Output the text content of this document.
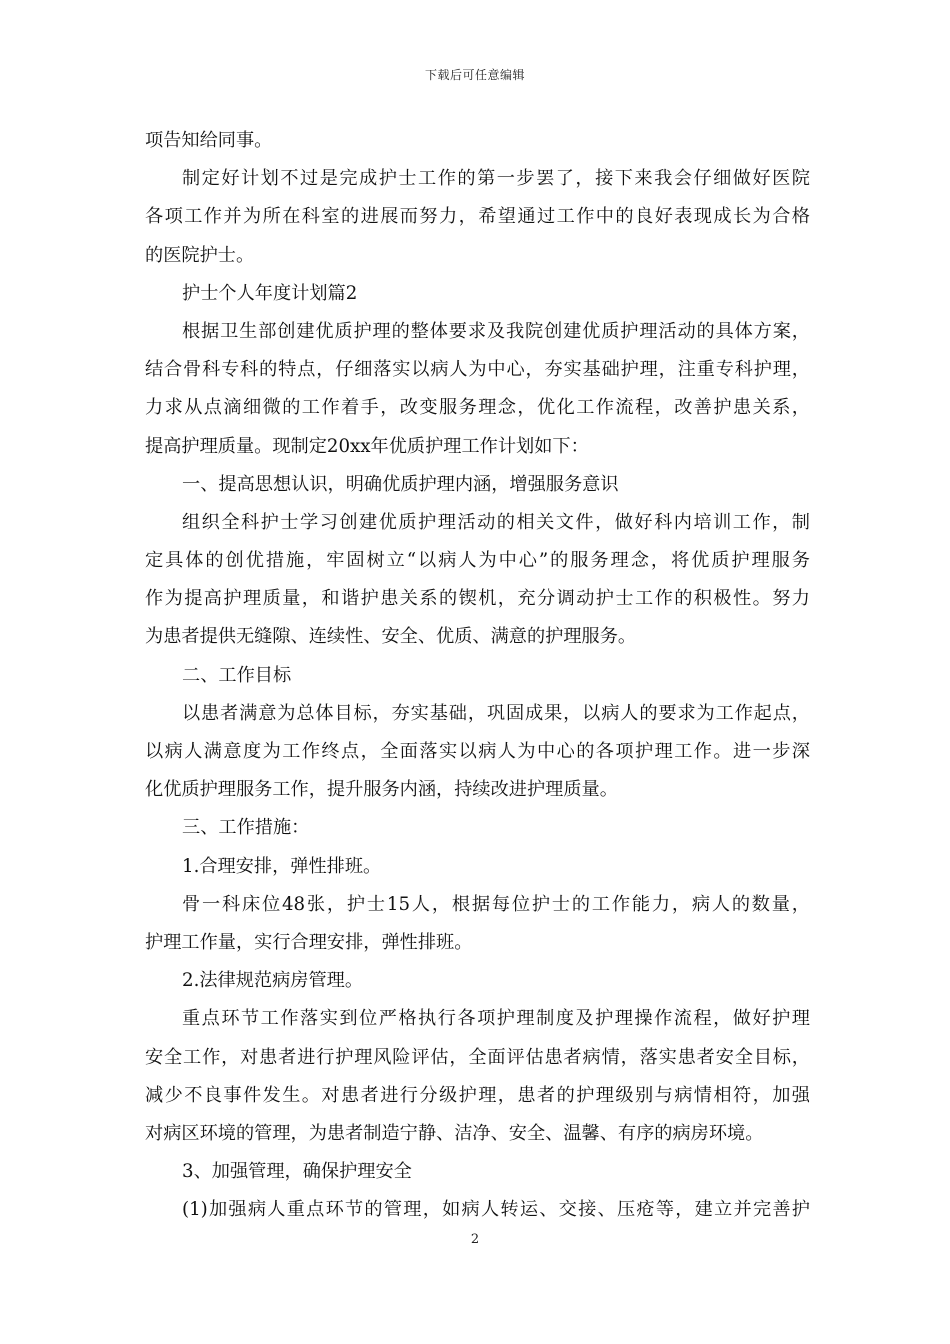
下载后可任意编辑
项告知给同事。
制定好计划不过是完成护士工作的第一步罢了，接下来我会仔细做好医院
各项工作并为所在科室的进展而努力，希望通过工作中的良好表现成长为合格
的医院护士。
护士个人年度计划篇2
根据卫生部创建优质护理的整体要求及我院创建优质护理活动的具体方案，
结合骨科专科的特点，仔细落实以病人为中心，夯实基础护理，注重专科护理，
力求从点滴细微的工作着手，改变服务理念，优化工作流程，改善护患关系，
提高护理质量。现制定20xx年优质护理工作计划如下：
一、提高思想认识，明确优质护理内涵，增强服务意识
组织全科护士学习创建优质护理活动的相关文件，做好科内培训工作，制
定具体的创优措施，牢固树立“以病人为中心”的服务理念，将优质护理服务
作为提高护理质量，和谐护患关系的锲机，充分调动护士工作的积极性。努力
为患者提供无缝隙、连续性、安全、优质、满意的护理服务。
二、工作目标
以患者满意为总体目标，夯实基础，巩固成果，以病人的要求为工作起点，
以病人满意度为工作终点，全面落实以病人为中心的各项护理工作。进一步深
化优质护理服务工作，提升服务内涵，持续改进护理质量。
三、工作措施：
1.合理安排，弹性排班。
骨一科床位48张，护士15人，根据每位护士的工作能力，病人的数量，
护理工作量，实行合理安排，弹性排班。
2.法律规范病房管理。
重点环节工作落实到位严格执行各项护理制度及护理操作流程，做好护理
安全工作，对患者进行护理风险评估，全面评估患者病情，落实患者安全目标，
减少不良事件发生。对患者进行分级护理，患者的护理级别与病情相符，加强
对病区环境的管理，为患者制造宁静、洁净、安全、温馨、有序的病房环境。
3、加强管理，确保护理安全
(1)加强病人重点环节的管理，如病人转运、交接、压疮等，建立并完善护
2
